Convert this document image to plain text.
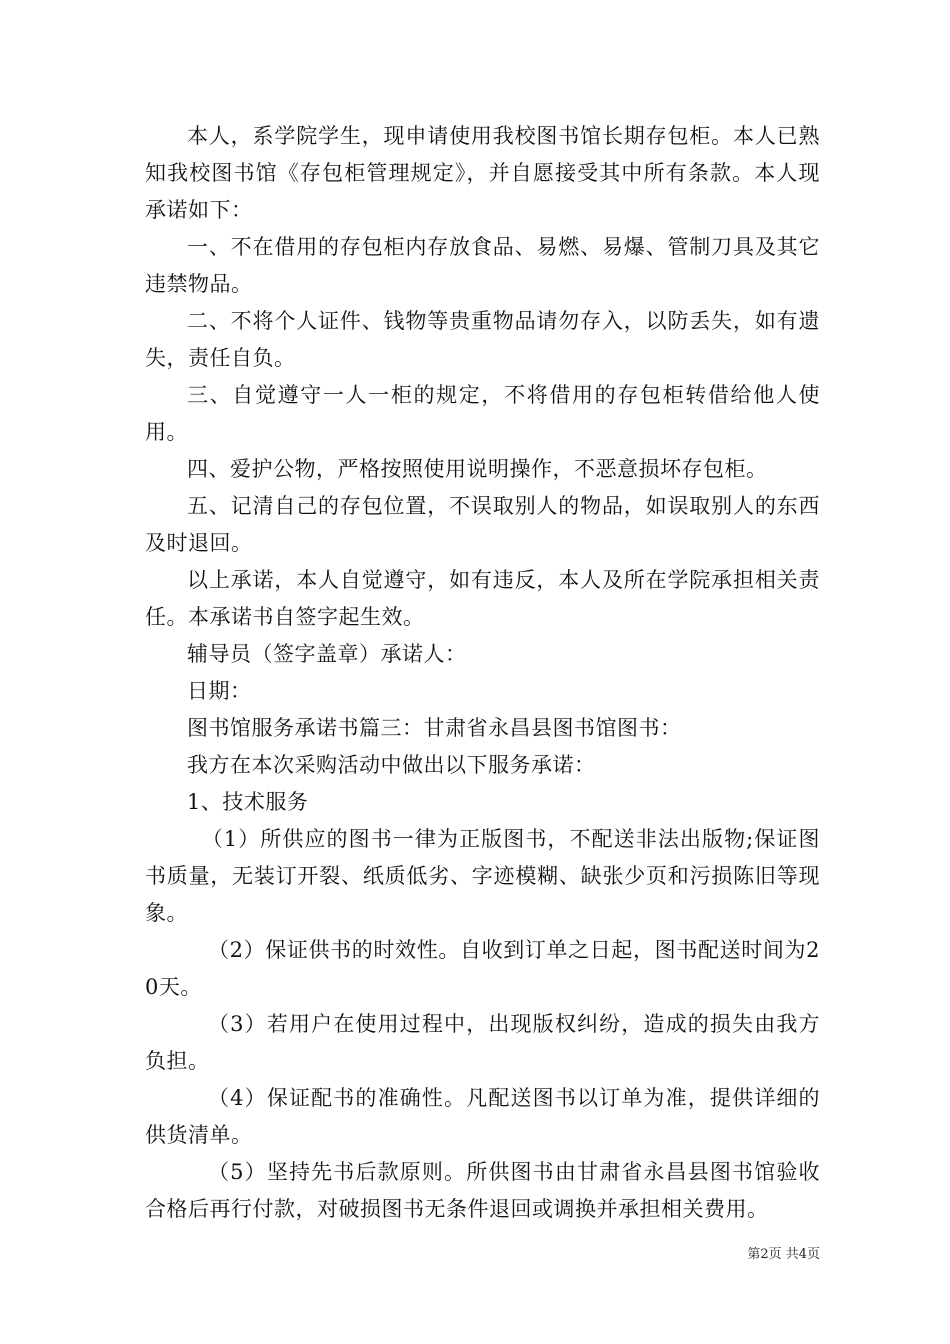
本人，系学院学生，现申请使用我校图书馆长期存包柜。本人已熟知我校图书馆《存包柜管理规定》，并自愿接受其中所有条款。本人现承诺如下：

一、不在借用的存包柜内存放食品、易燃、易爆、管制刀具及其它违禁物品。

二、不将个人证件、钱物等贵重物品请勿存入，以防丢失，如有遗失，责任自负。

三、自觉遵守一人一柜的规定，不将借用的存包柜转借给他人使用。

四、爱护公物，严格按照使用说明操作，不恶意损坏存包柜。

五、记清自己的存包位置，不误取别人的物品，如误取别人的东西及时退回。

以上承诺，本人自觉遵守，如有违反，本人及所在学院承担相关责任。本承诺书自签字起生效。

辅导员（签字盖章）承诺人：

日期：

图书馆服务承诺书篇三：甘肃省永昌县图书馆图书：

我方在本次采购活动中做出以下服务承诺：

1、技术服务

（1）所供应的图书一律为正版图书，不配送非法出版物;保证图书质量，无装订开裂、纸质低劣、字迹模糊、缺张少页和污损陈旧等现象。

（2）保证供书的时效性。自收到订单之日起，图书配送时间为20天。

（3）若用户在使用过程中，出现版权纠纷，造成的损失由我方负担。

（4）保证配书的准确性。凡配送图书以订单为准，提供详细的供货清单。

（5）坚持先书后款原则。所供图书由甘肃省永昌县图书馆验收合格后再行付款，对破损图书无条件退回或调换并承担相关费用。

第2页 共4页
